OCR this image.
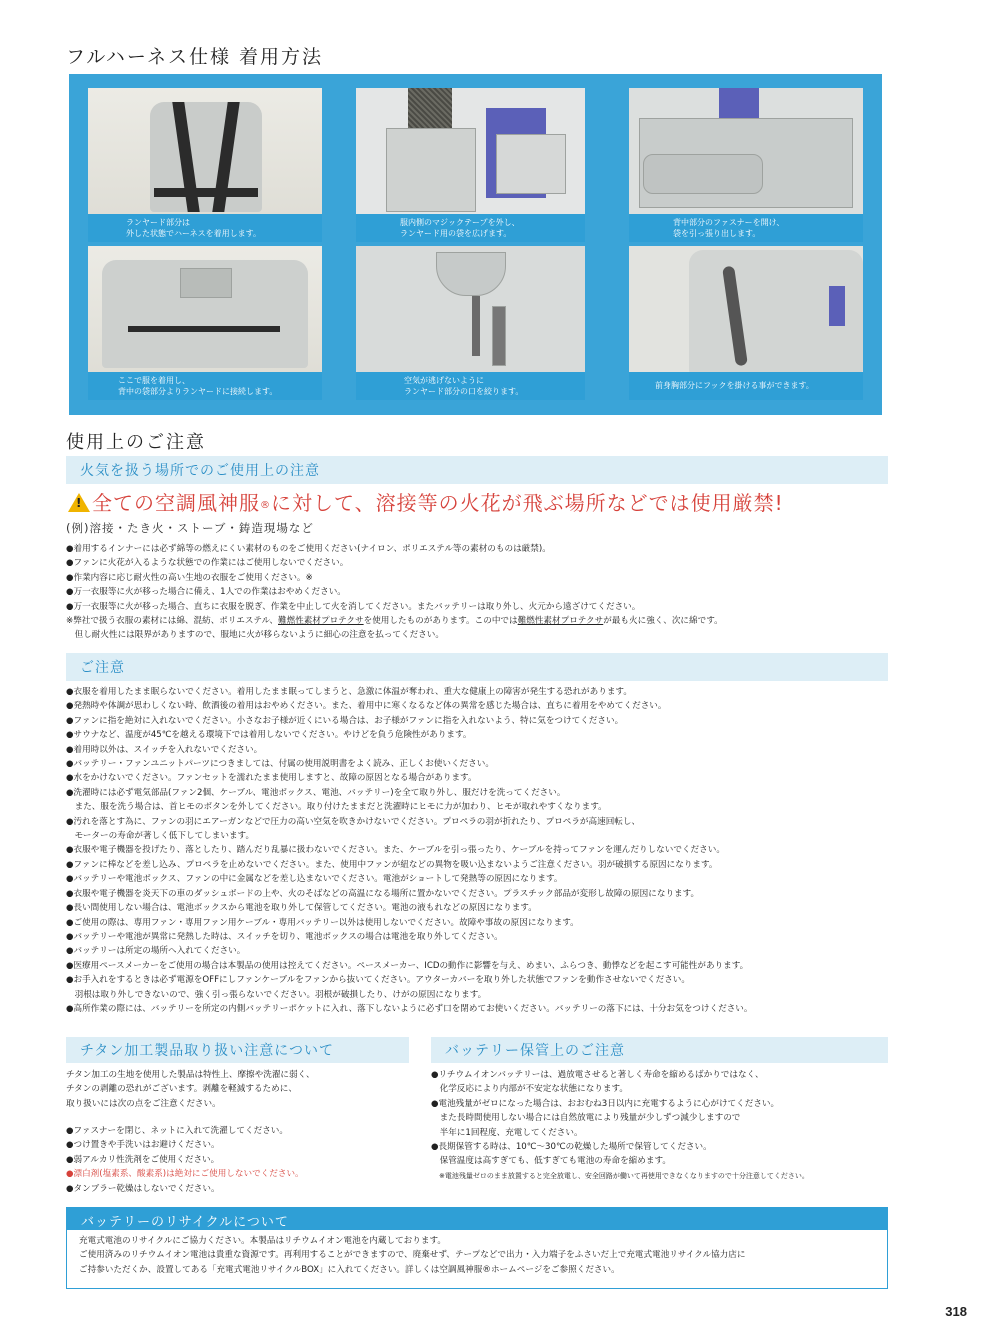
フルハーネス仕様 着用方法
ランヤード部分は
外した状態でハーネスを着用します。
服内側のマジックテープを外し、
ランヤード用の袋を広げます。
背中部分のファスナーを開け、
袋を引っ張り出します。
ここで服を着用し、
背中の袋部分よりランヤードに接続します。
空気が逃げないように
ランヤード部分の口を絞ります。
前身胸部分にフックを掛ける事ができます。
使用上のご注意
火気を扱う場所でのご使用上の注意
!全ての空調風神服®に対して、溶接等の火花が飛ぶ場所などでは使用厳禁!
(例)溶接・たき火・ストーブ・鋳造現場など
●着用するインナーには必ず綿等の燃えにくい素材のものをご使用ください(ナイロン、ポリエステル等の素材のものは厳禁)。
●ファンに火花が入るような状態での作業にはご使用しないでください。
●作業内容に応じ耐火性の高い生地の衣服をご使用ください。※
●万一衣服等に火が移った場合に備え、1人での作業はおやめください。
●万一衣服等に火が移った場合、直ちに衣服を脱ぎ、作業を中止して火を消してください。またバッテリーは取り外し、火元から遠ざけてください。
※弊社で扱う衣服の素材には綿、混紡、ポリエステル、難燃性素材プロテクサを使用したものがあります。この中では難燃性素材プロテクサが最も火に強く、次に綿です。
　但し耐火性には限界がありますので、服地に火が移らないように細心の注意を払ってください。
ご注意
●衣服を着用したまま眠らないでください。着用したまま眠ってしまうと、急激に体温が奪われ、重大な健康上の障害が発生する恐れがあります。
●発熱時や体調が思わしくない時、飲酒後の着用はおやめください。また、着用中に寒くなるなど体の異常を感じた場合は、直ちに着用をやめてください。
●ファンに指を絶対に入れないでください。小さなお子様が近くにいる場合は、お子様がファンに指を入れないよう、特に気をつけてください。
●サウナなど、温度が45℃を越える環境下では着用しないでください。やけどを負う危険性があります。
●着用時以外は、スイッチを入れないでください。
●バッテリー・ファンユニットパーツにつきましては、付属の使用説明書をよく読み、正しくお使いください。
●水をかけないでください。ファンセットを濡れたまま使用しますと、故障の原因となる場合があります。
●洗濯時には必ず電気部品(ファン2個、ケーブル、電池ボックス、電池、バッテリー)を全て取り外し、服だけを洗ってください。
　また、服を洗う場合は、首ヒモのボタンを外してください。取り付けたままだと洗濯時にヒモに力が加わり、ヒモが取れやすくなります。
●汚れを落とす為に、ファンの羽にエアーガンなどで圧力の高い空気を吹きかけないでください。プロペラの羽が折れたり、プロペラが高速回転し、
　モーターの寿命が著しく低下してしまいます。
●衣服や電子機器を投げたり、落としたり、踏んだり乱暴に扱わないでください。また、ケーブルを引っ張ったり、ケーブルを持ってファンを運んだりしないでください。
●ファンに棒などを差し込み、プロペラを止めないでください。また、使用中ファンが紐などの異物を吸い込まないようご注意ください。羽が破損する原因になります。
●バッテリーや電池ボックス、ファンの中に金属などを差し込まないでください。電池がショートして発熱等の原因になります。
●衣服や電子機器を炎天下の車のダッシュボードの上や、火のそばなどの高温になる場所に置かないでください。プラスチック部品が変形し故障の原因になります。
●長い間使用しない場合は、電池ボックスから電池を取り外して保管してください。電池の液もれなどの原因になります。
●ご使用の際は、専用ファン・専用ファン用ケーブル・専用バッテリー以外は使用しないでください。故障や事故の原因になります。
●バッテリーや電池が異常に発熱した時は、スイッチを切り、電池ボックスの場合は電池を取り外してください。
●バッテリーは所定の場所へ入れてください。
●医療用ペースメーカーをご使用の場合は本製品の使用は控えてください。ペースメーカー、ICDの動作に影響を与え、めまい、ふらつき、動悸などを起こす可能性があります。
●お手入れをするときは必ず電源をOFFにしファンケーブルをファンから抜いてください。アウターカバーを取り外した状態でファンを動作させないでください。
　羽根は取り外しできないので、強く引っ張らないでください。羽根が破損したり、けがの原因になります。
●高所作業の際には、バッテリーを所定の内側バッテリーポケットに入れ、落下しないように必ず口を閉めてお使いください。バッテリーの落下には、十分お気をつけください。
チタン加工製品取り扱い注意について
チタン加工の生地を使用した製品は特性上、摩擦や洗濯に弱く、
チタンの剥離の恐れがございます。剥離を軽減するために、
取り扱いには次の点をご注意ください。
●ファスナーを閉じ、ネットに入れて洗濯してください。
●つけ置きや手洗いはお避けください。
●弱アルカリ性洗剤をご使用ください。
●漂白剤(塩素系、酸素系)は絶対にご使用しないでください。
●タンブラー乾燥はしないでください。
バッテリー保管上のご注意
●リチウムイオンバッテリーは、過放電させると著しく寿命を縮めるばかりではなく、
　化学反応により内部が不安定な状態になります。
●電池残量がゼロになった場合は、おおむね3日以内に充電するように心がけてください。
　また長時間使用しない場合には自然放電により残量が少しずつ減少しますので
　半年に1回程度、充電してください。
●長期保管する時は、10℃〜30℃の乾燥した場所で保管してください。
　保管温度は高すぎても、低すぎても電池の寿命を縮めます。
※電池残量ゼロのまま放置すると完全放電し、安全回路が働いて再使用できなくなりますので十分注意してください。
バッテリーのリサイクルについて
充電式電池のリサイクルにご協力ください。本製品はリチウムイオン電池を内蔵しております。
ご使用済みのリチウムイオン電池は貴重な資源です。再利用することができますので、廃棄せず、テープなどで出力・入力端子をふさいだ上で充電式電池リサイクル協力店に
ご持参いただくか、設置してある「充電式電池リサイクルBOX」に入れてください。詳しくは空調風神服®ホームページをご参照ください。
318
